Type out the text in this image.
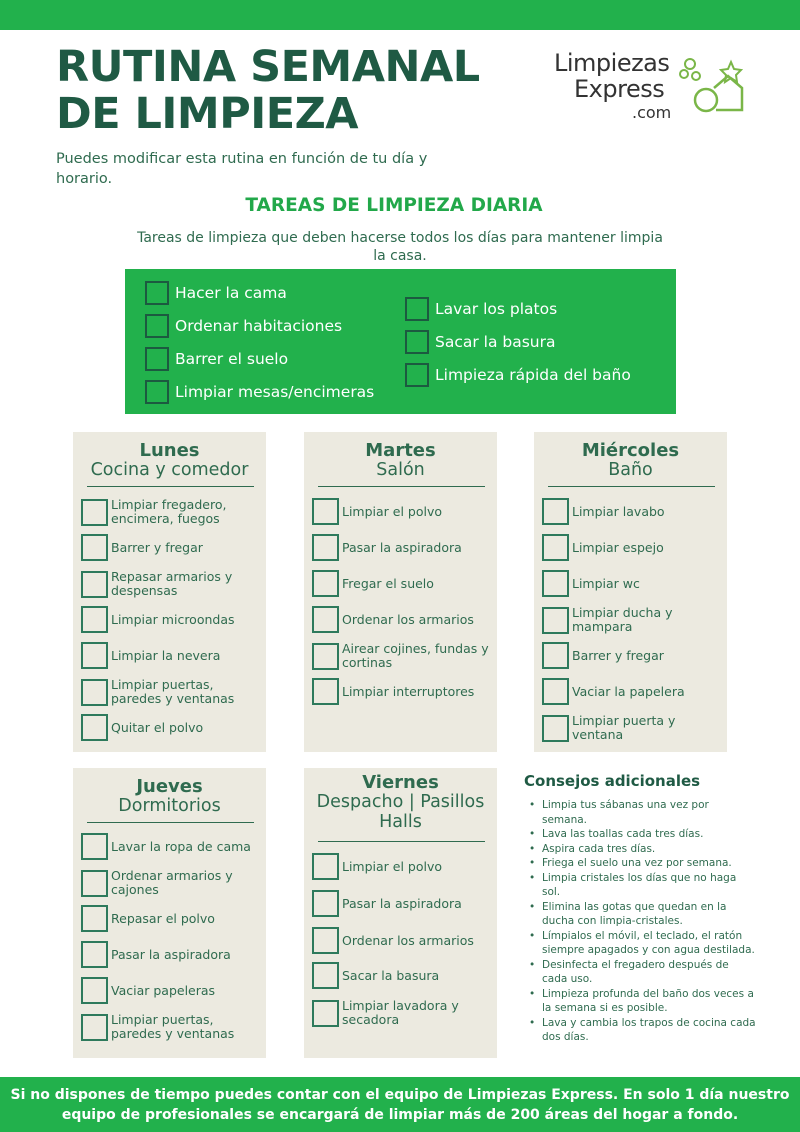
RUTINA SEMANAL
DE LIMPIEZA
Puedes modificar esta rutina en función de tu día y horario.
Limpiezas
Express
.com
TAREAS DE LIMPIEZA DIARIA
Tareas de limpieza que deben hacerse todos los días para mantener limpia la casa.
Hacer la cama
Ordenar habitaciones
Barrer el suelo
Limpiar mesas/encimeras
Lavar los platos
Sacar la basura
Limpieza rápida del baño
Lunes
Cocina y comedor
Limpiar fregadero, encimera, fuegos
Barrer y fregar
Repasar armarios y despensas
Limpiar microondas
Limpiar la nevera
Limpiar puertas, paredes y ventanas
Quitar el polvo
Martes
Salón
Limpiar el polvo
Pasar la aspiradora
Fregar el suelo
Ordenar los armarios
Airear cojines, fundas y cortinas
Limpiar interruptores
Miércoles
Baño
Limpiar lavabo
Limpiar espejo
Limpiar wc
Limpiar ducha y mampara
Barrer y fregar
Vaciar la papelera
Limpiar puerta y ventana
Jueves
Dormitorios
Lavar la ropa de cama
Ordenar armarios y cajones
Repasar el polvo
Pasar la aspiradora
Vaciar papeleras
Limpiar puertas, paredes y ventanas
Viernes
Despacho | Pasillos Halls
Limpiar el polvo
Pasar la aspiradora
Ordenar los armarios
Sacar la basura
Limpiar lavadora y secadora
Consejos adicionales
• Limpia tus sábanas una vez por semana.
• Lava las toallas cada tres días.
• Aspira cada tres días.
• Friega el suelo una vez por semana.
• Limpia cristales los días que no haga sol.
• Elimina las gotas que quedan en la ducha con limpia-cristales.
• Límpialos el móvil, el teclado, el ratón siempre apagados y con agua destilada.
• Desinfecta el fregadero después de cada uso.
• Limpieza profunda del baño dos veces a la semana si es posible.
• Lava y cambia los trapos de cocina cada dos días.
Si no dispones de tiempo puedes contar con el equipo de Limpiezas Express. En solo 1 día nuestro equipo de profesionales se encargará de limpiar más de 200 áreas del hogar a fondo.
